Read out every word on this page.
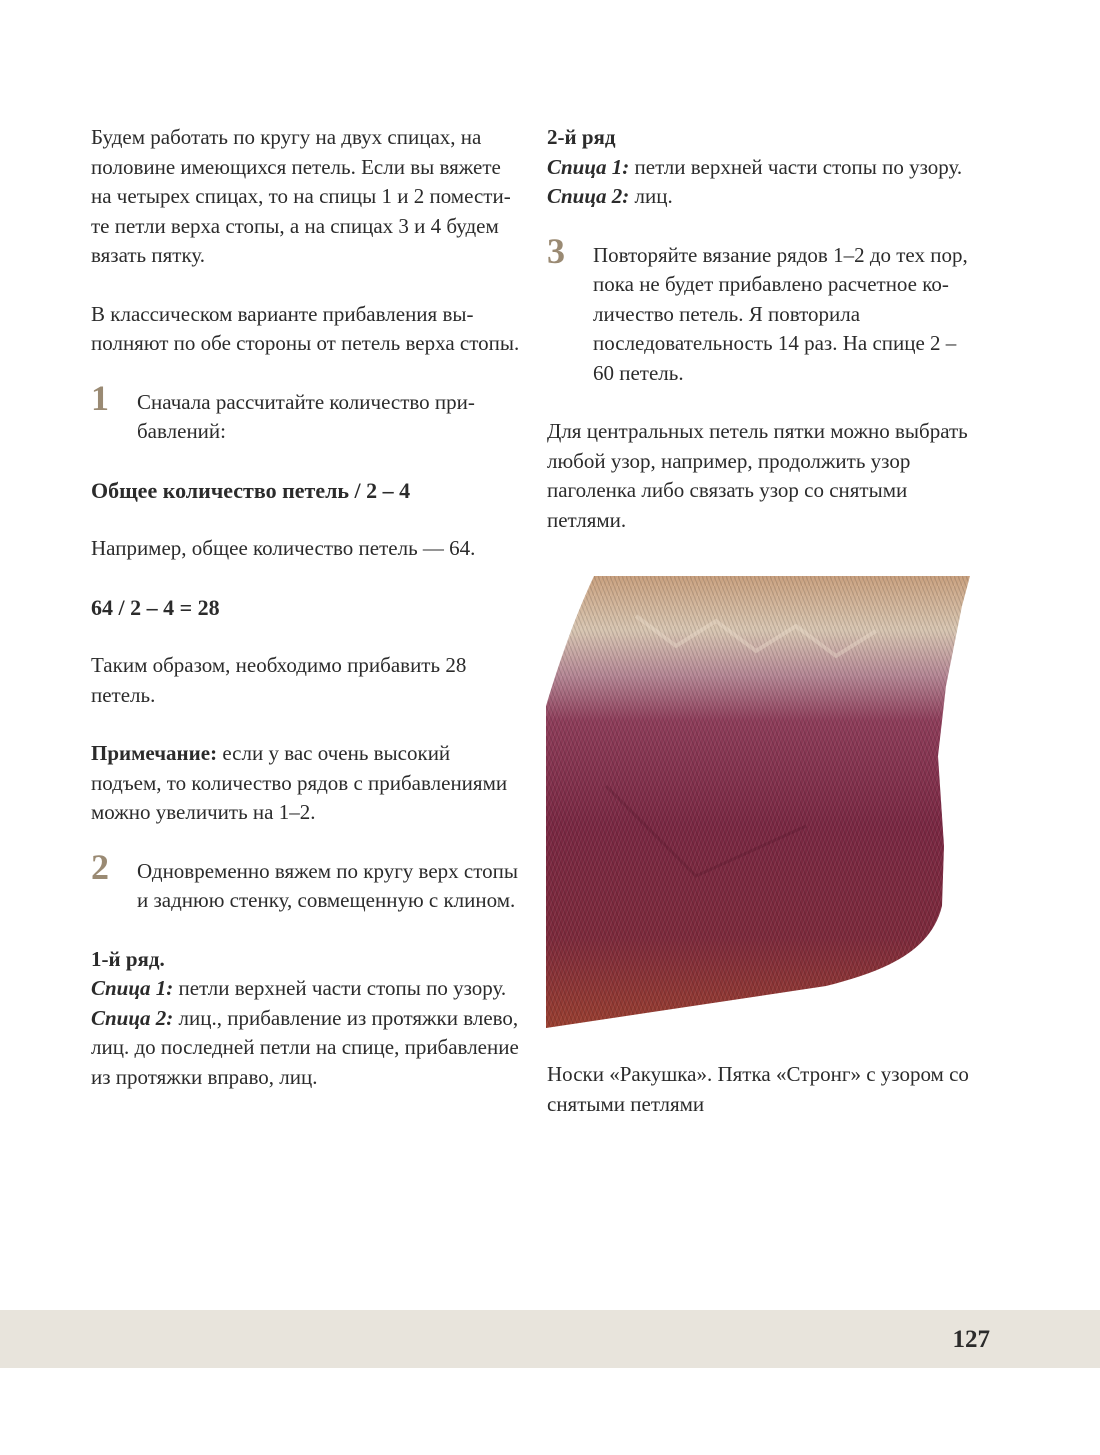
Будем работать по кругу на двух спицах, на половине имеющихся петель. Если вы вяжете на четырех спицах, то на спицы 1 и 2 поместите петли верха стопы, а на спицах 3 и 4 будем вязать пятку.

В классическом варианте прибавления выполняют по обе стороны от петель верха стопы.

1 Сначала рассчитайте количество прибавлений:

Общее количество петель / 2 – 4

Например, общее количество петель — 64.

64 / 2 – 4 = 28

Таким образом, необходимо прибавить 28 петель.

Примечание: если у вас очень высокий подъем, то количество рядов с прибавлениями можно увеличить на 1–2.

2 Одновременно вяжем по кругу верх стопы и заднюю стенку, совмещенную с клином.

1-й ряд.

Спица 1: петли верхней части стопы по узору.

Спица 2: лиц., прибавление из протяжки влево, лиц. до последней петли на спице, прибавление из протяжки вправо, лиц.

2-й ряд

Спица 1: петли верхней части стопы по узору.

Спица 2: лиц.

3 Повторяйте вязание рядов 1–2 до тех пор, пока не будет прибавлено расчетное количество петель. Я повторила последовательность 14 раз. На спице 2 – 60 петель.

Для центральных петель пятки можно выбрать любой узор, например, продолжить узор паголенка либо связать узор со снятыми петлями.

Носки «Ракушка». Пятка «Стронг» с узором со снятыми петлями

127
